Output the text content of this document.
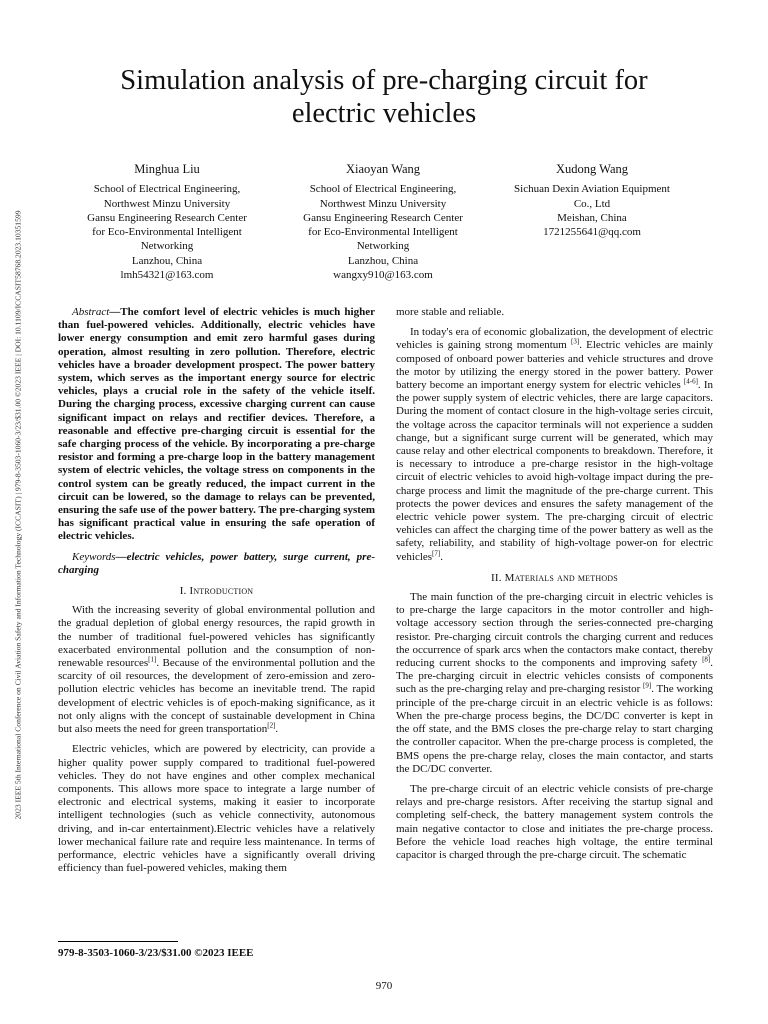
2023 IEEE 5th International Conference on Civil Aviation Safety and Information Technology (ICCASIT) | 979-8-3503-1060-3/23/$31.00 ©2023 IEEE | DOI: 10.1109/ICCASIT58768.2023.10351599
Simulation analysis of pre-charging circuit for electric vehicles
Minghua Liu
School of Electrical Engineering,
Northwest Minzu University
Gansu Engineering Research Center
for Eco-Environmental Intelligent
Networking
Lanzhou, China
lmh54321@163.com
Xiaoyan Wang
School of Electrical Engineering,
Northwest Minzu University
Gansu Engineering Research Center
for Eco-Environmental Intelligent
Networking
Lanzhou, China
wangxy910@163.com
Xudong Wang
Sichuan Dexin Aviation Equipment
Co., Ltd
Meishan, China
1721255641@qq.com

Abstract—The comfort level of electric vehicles is much higher than fuel-powered vehicles. Additionally, electric vehicles have lower energy consumption and emit zero harmful gases during operation, almost resulting in zero pollution. Therefore, electric vehicles have a broader development prospect. The power battery system, which serves as the important energy source for electric vehicles, plays a crucial role in the safety of the vehicle itself. During the charging process, excessive charging current can cause significant impact on relays and rectifier devices. Therefore, a reasonable and effective pre-charging circuit is essential for the safe charging process of the vehicle. By incorporating a pre-charge resistor and forming a pre-charge loop in the battery management system of electric vehicles, the voltage stress on components in the control system can be greatly reduced, the impact current in the circuit can be lowered, so the damage to relays can be prevented, ensuring the safe use of the power battery. The pre-charging system has significant practical value in ensuring the safe operation of electric vehicles.

Keywords—electric vehicles, power battery, surge current, pre-charging

I. Introduction

With the increasing severity of global environmental pollution and the gradual depletion of global energy resources, the rapid growth in the number of traditional fuel-powered vehicles has significantly exacerbated environmental pollution and the consumption of non-renewable resources[1]. Because of the environmental pollution and the scarcity of oil resources, the development of zero-emission and zero-pollution electric vehicles has become an inevitable trend. The rapid development of electric vehicles is of epoch-making significance, as it not only aligns with the concept of sustainable development in China but also meets the need for green transportation[2].

Electric vehicles, which are powered by electricity, can provide a higher quality power supply compared to traditional fuel-powered vehicles. They do not have engines and other complex mechanical components. This allows more space to integrate a large number of electronic and electrical systems, making it easier to incorporate intelligent technologies (such as vehicle connectivity, autonomous driving, and in-car entertainment).Electric vehicles have a relatively lower mechanical failure rate and require less maintenance. In terms of performance, electric vehicles have a significantly overall driving efficiency than fuel-powered vehicles, making them

more stable and reliable.

In today's era of economic globalization, the development of electric vehicles is gaining strong momentum [3]. Electric vehicles are mainly composed of onboard power batteries and vehicle structures and drove the motor by utilizing the energy stored in the power battery. Power battery become an important energy system for electric vehicles [4-6]. In the power supply system of electric vehicles, there are large capacitors. During the moment of contact closure in the high-voltage series circuit, the voltage across the capacitor terminals will not experience a sudden change, but a significant surge current will be generated, which may cause relay and other electrical components to breakdown. Therefore, it is necessary to introduce a pre-charge resistor in the high-voltage circuit of electric vehicles to avoid high-voltage impact during the pre-charge process and limit the magnitude of the pre-charge current. This protects the power devices and ensures the safety management of the electric vehicle power system. The pre-charging circuit of electric vehicles can affect the charging time of the power battery as well as the safety, reliability, and stability of high-voltage power-on for electric vehicles[7].

II. Materials and methods

The main function of the pre-charging circuit in electric vehicles is to pre-charge the large capacitors in the motor controller and high-voltage accessory section through the series-connected pre-charging resistor. Pre-charging circuit controls the charging current and reduces the occurrence of spark arcs when the contactors make contact, thereby reducing current shocks to the components and improving safety [8]. The pre-charging circuit in electric vehicles consists of components such as the pre-charging relay and pre-charging resistor [9]. The working principle of the pre-charge circuit in an electric vehicle is as follows: When the pre-charge process begins, the DC/DC converter is kept in the off state, and the BMS closes the pre-charge relay to start charging the controller capacitor. When the pre-charge process is completed, the BMS opens the pre-charge relay, closes the main contactor, and starts the DC/DC converter.

The pre-charge circuit of an electric vehicle consists of pre-charge relays and pre-charge resistors. After receiving the startup signal and completing self-check, the battery management system controls the main negative contactor to close and initiates the pre-charge process. Before the vehicle load reaches high voltage, the entire terminal capacitor is charged through the pre-charge circuit. The schematic

979-8-3503-1060-3/23/$31.00 ©2023 IEEE
970
